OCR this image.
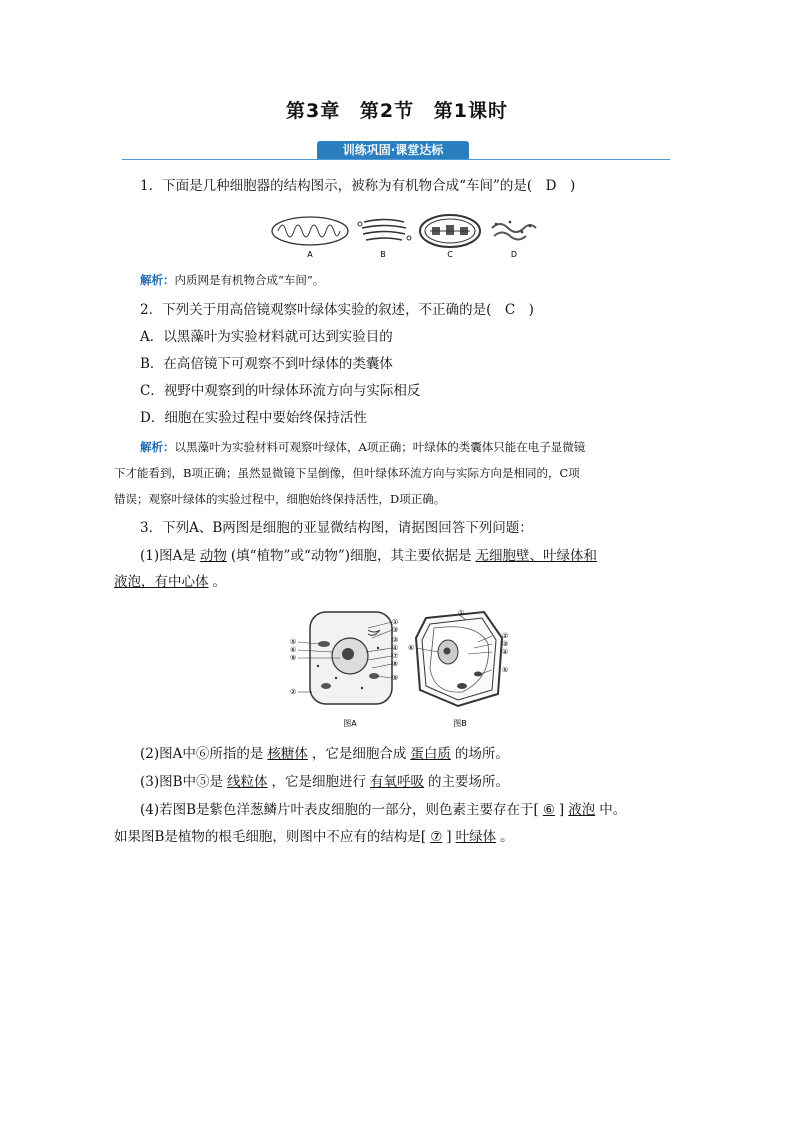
第3章 第2节 第1课时
训练巩固·课堂达标
1．下面是几种细胞器的结构图示，被称为有机物合成“车间”的是(　D　)
A	B	C	D
解析：内质网是有机物合成“车间”。
2．下列关于用高倍镜观察叶绿体实验的叙述，不正确的是(　C　)
A．以黑藻叶为实验材料就可达到实验目的
B．在高倍镜下可观察不到叶绿体的类囊体
C．视野中观察到的叶绿体环流方向与实际相反
D．细胞在实验过程中要始终保持活性
解析：以黑藻叶为实验材料可观察叶绿体，A项正确；叶绿体的类囊体只能在电子显微镜
下才能看到，B项正确；虽然显微镜下呈倒像，但叶绿体环流方向与实际方向是相同的，C项
错误；观察叶绿体的实验过程中，细胞始终保持活性，D项正确。
3．下列A、B两图是细胞的亚显微结构图，请据图回答下列问题：
(1)图A是 动物 (填“植物”或“动物”)细胞，其主要依据是 无细胞壁、叶绿体和
液泡，有中心体 。
①
③
⑤
⑥
⑨
②
③
④
⑦
⑧
⑨
图A
①
⑥
②
③
④
⑤
图B
(2)图A中⑥所指的是 核糖体 ，它是细胞合成 蛋白质 的场所。
(3)图B中⑤是 线粒体 ，它是细胞进行 有氧呼吸 的主要场所。
(4)若图B是紫色洋葱鳞片叶表皮细胞的一部分，则色素主要存在于[ ⑥ ] 液泡 中。
如果图B是植物的根毛细胞，则图中不应有的结构是[ ⑦ ] 叶绿体 。
